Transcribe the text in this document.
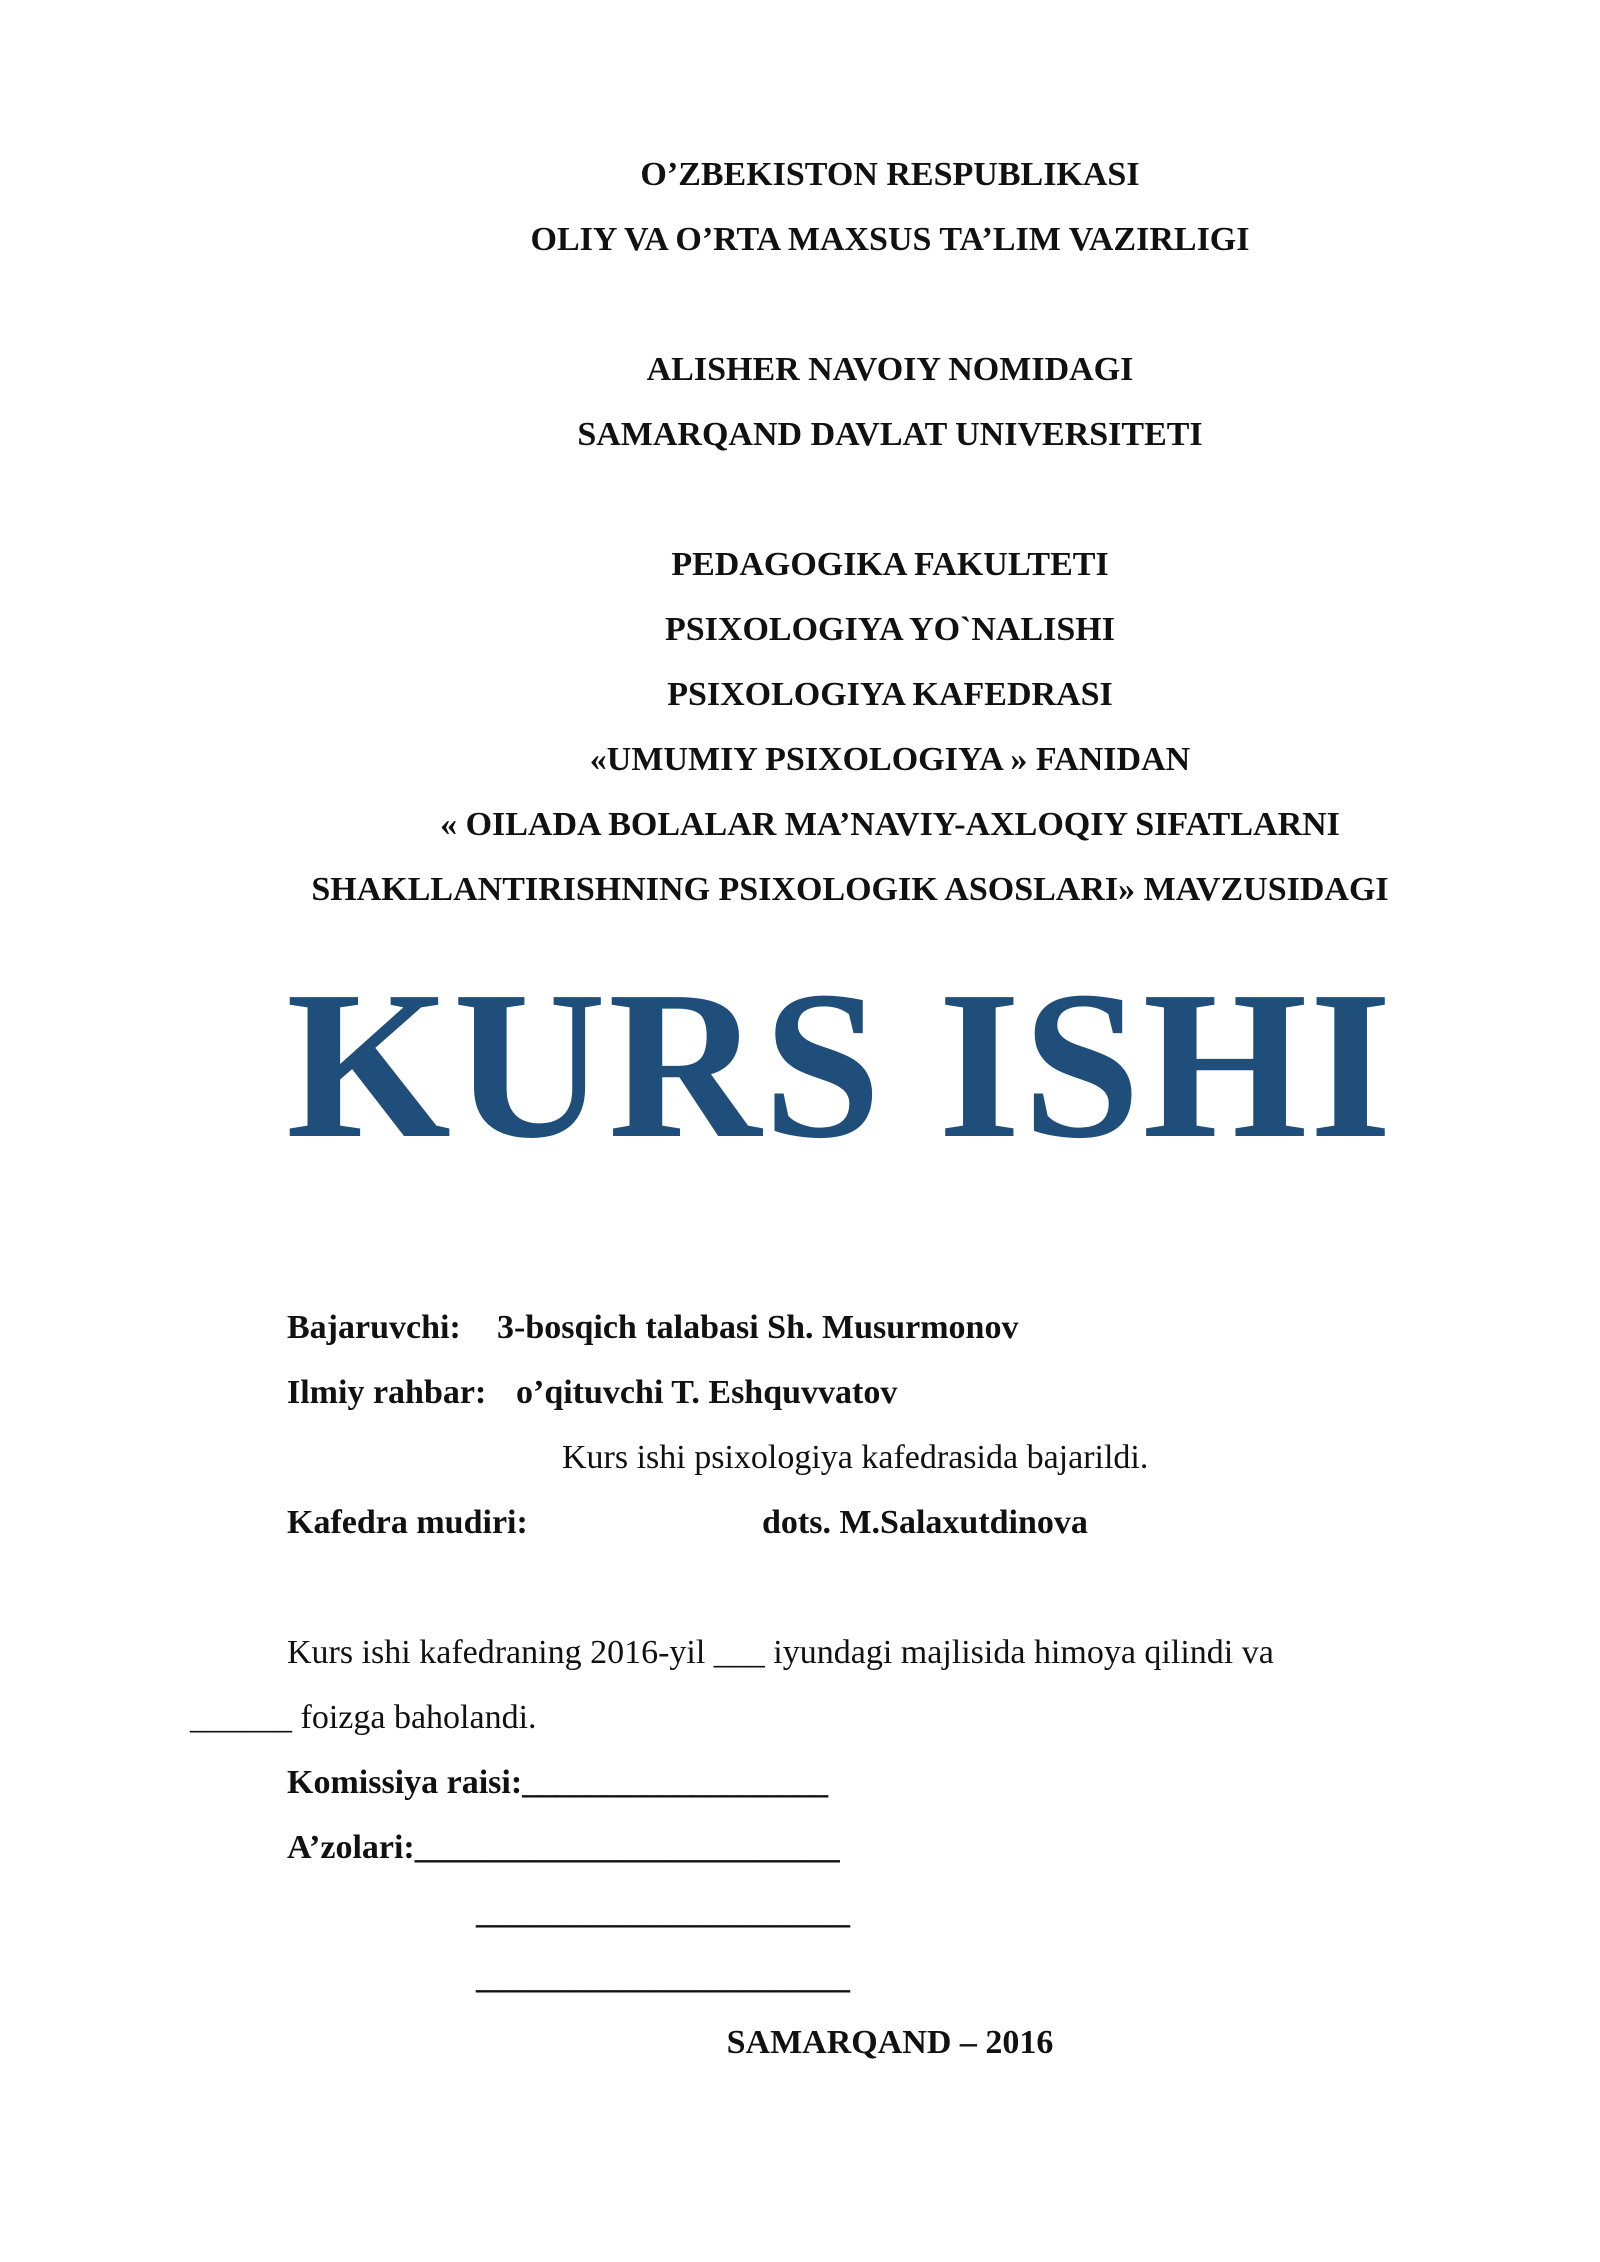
O’ZBEKISTON RESPUBLIKASI
OLIY VA O’RTA MAXSUS TA’LIM VAZIRLIGI
ALISHER NAVOIY NOMIDAGI
SAMARQAND DAVLAT UNIVERSITETI
PEDAGOGIKA FAKULTETI
PSIXOLOGIYA YO`NALISHI
PSIXOLOGIYA KAFEDRASI
«UMUMIY PSIXOLOGIYA » FANIDAN
« OILADA BOLALAR MA’NAVIY-AXLOQIY SIFATLARNI
SHAKLLANTIRISHNING PSIXOLOGIK ASOSLARI» MAVZUSIDAGI
KURS ISHI
Bajaruvchi: 3-bosqich talabasi Sh. Musurmonov
Ilmiy rahbar: o’qituvchi T. Eshquvvatov
Kurs ishi psixologiya kafedrasida bajarildi.
Kafedra mudiri:	dots. M.Salaxutdinova
Kurs ishi kafedraning 2016-yil ___ iyundagi majlisida himoya qilindi va
______ foizga baholandi.
Komissiya raisi:__________________
A’zolari:_________________________
______________________
______________________
SAMARQAND – 2016
